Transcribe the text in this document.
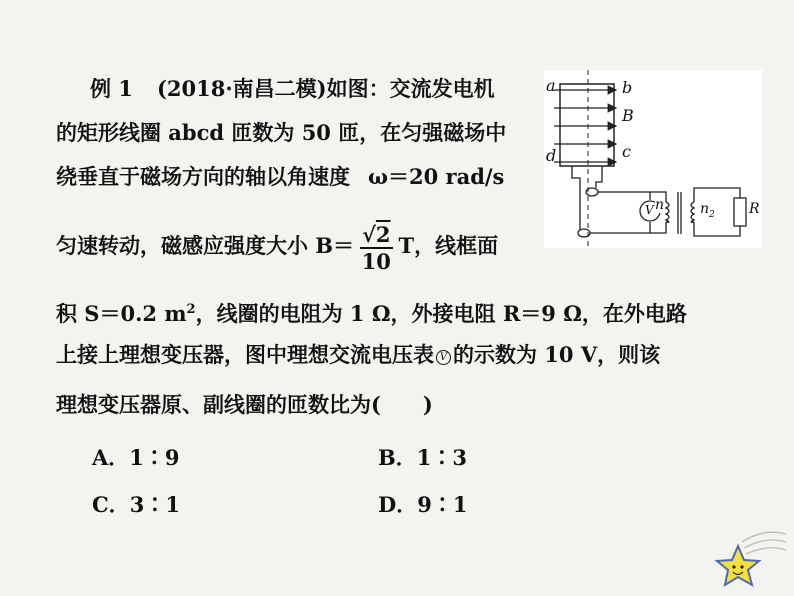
例 1 (2018·南昌二模)如图：交流发电机
的矩形线圈 abcd 匝数为 50 匝，在匀强磁场中
绕垂直于磁场方向的轴以角速度 ω＝20 rad/s
匀速转动，磁感应强度大小 $B= \frac{√2}{10}$ T，线框面
积 S＝0.2 $m^2$，线圈的电阻为 1 Ω，外接电阻 R＝9 Ω，在外电路
上接上理想变压器，图中理想交流电压表 V 的示数为 10 V，则该
理想变压器原、副线圈的匝数比为(　　)
A．1∶9	B．1∶3
C．3∶1	D．9∶1
a	b
B
c
d
V n	$n_2$ R
